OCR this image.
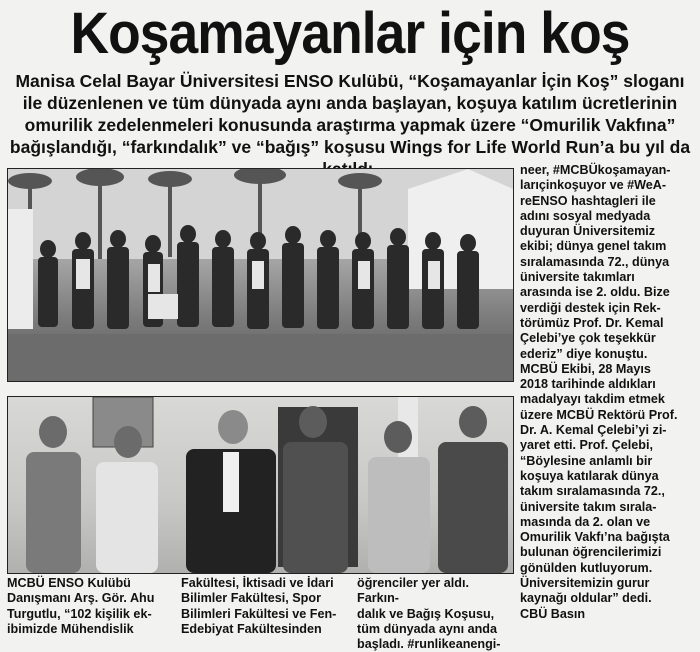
Koşamayanlar için koş
Manisa Celal Bayar Üniversitesi ENSO Kulübü, “Koşamayanlar İçin Koş” sloganı ile düzenlenen ve tüm dünyada aynı anda başlayan, koşuya katılım ücretlerinin omurilik zedelenmeleri konusunda araştırma yapmak üzere “Omurilik Vakfına” bağışlandığı, “farkındalık” ve “bağış” koşusu Wings for Life World Run’a bu yıl da

neer, #MCBÜkoşamayan-

larıçinkoşuyor ve #WeA-

reENSO hashtagleri ile

adını sosyal medyada

duyuran Üniversitemiz

ekibi; dünya genel takım

sıralamasında 72., dünya

üniversite takımları

arasında ise 2. oldu. Bize

verdiği destek için Rek-

törümüz Prof. Dr. Kemal

Çelebi’ye çok teşekkür

ederiz” diye konuştu.

MCBÜ Ekibi, 28 Mayıs

2018 tarihinde aldıkları

madalyayı takdim etmek

üzere MCBÜ Rektörü Prof.

Dr. A. Kemal Çelebi’yi zi-

yaret etti. Prof. Çelebi,

“Böylesine anlamlı bir

koşuya katılarak dünya

takım sıralamasında 72.,

üniversite takım sırala-

masında da 2. olan ve

Omurilik Vakfı’na bağışta

bulunan öğrencilerimizi

gönülden kutluyorum.

Üniversitemizin gurur

kaynağı oldular” dedi.

CBÜ Basın

MCBÜ ENSO Kulübü

Danışmanı Arş. Gör. Ahu

Turgutlu, “102 kişilik ek-

ibimizde Mühendislik

Fakültesi, İktisadi ve İdari

Bilimler Fakültesi, Spor

Bilimleri Fakültesi ve Fen-

Edebiyat Fakültesinden

öğrenciler yer aldı. Farkın-

dalık ve Bağış Koşusu,

tüm dünyada aynı anda

başladı. #runlikeanengi-
